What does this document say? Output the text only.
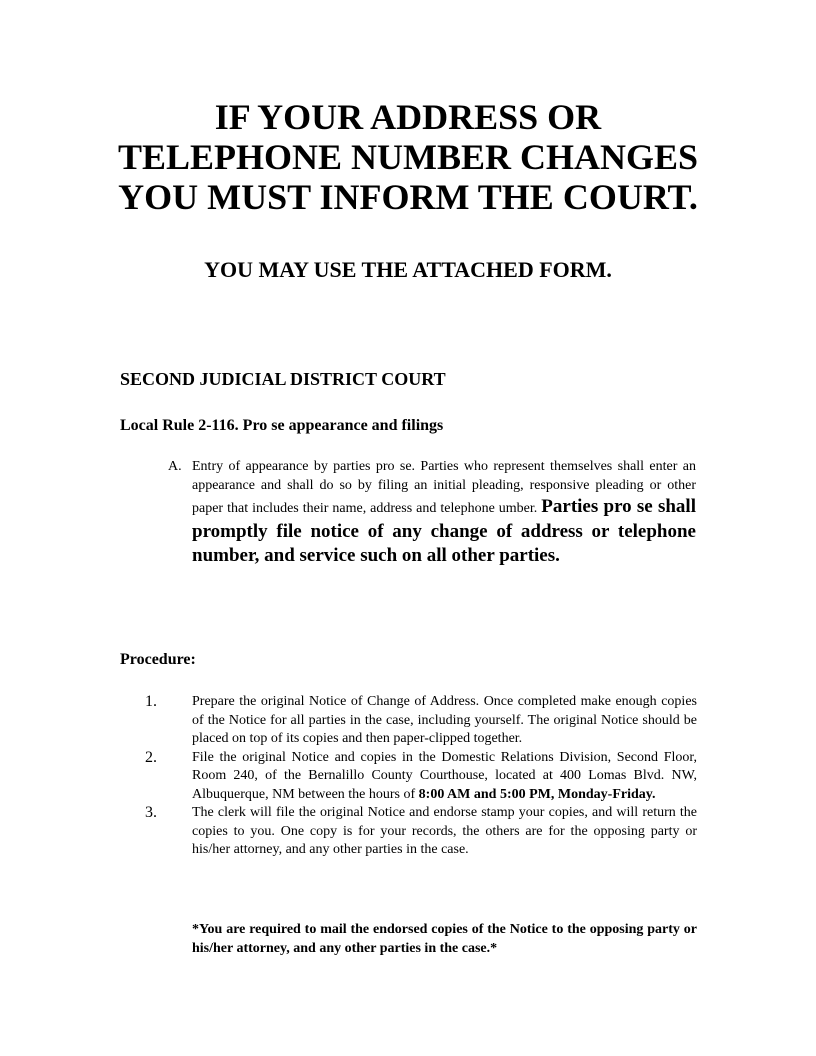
IF YOUR ADDRESS OR
TELEPHONE NUMBER CHANGES
YOU MUST INFORM THE COURT.
YOU MAY USE THE ATTACHED FORM.
SECOND JUDICIAL DISTRICT COURT
Local Rule 2-116. Pro se appearance and filings
A. Entry of appearance by parties pro se. Parties who represent themselves shall enter an appearance and shall do so by filing an initial pleading, responsive pleading or other paper that includes their name, address and telephone umber. Parties pro se shall promptly file notice of any change of address or telephone number, and service such on all other parties.
Procedure:
1.	Prepare the original Notice of Change of Address. Once completed make enough copies of the Notice for all parties in the case, including yourself. The original Notice should be placed on top of its copies and then paper-clipped together.
2.	File the original Notice and copies in the Domestic Relations Division, Second Floor, Room 240, of the Bernalillo County Courthouse, located at 400 Lomas Blvd. NW, Albuquerque, NM between the hours of 8:00 AM and 5:00 PM, Monday-Friday.
3.	The clerk will file the original Notice and endorse stamp your copies, and will return the copies to you. One copy is for your records, the others are for the opposing party or his/her attorney, and any other parties in the case.

*You are required to mail the endorsed copies of the Notice to the opposing party or his/her attorney, and any other parties in the case.*
